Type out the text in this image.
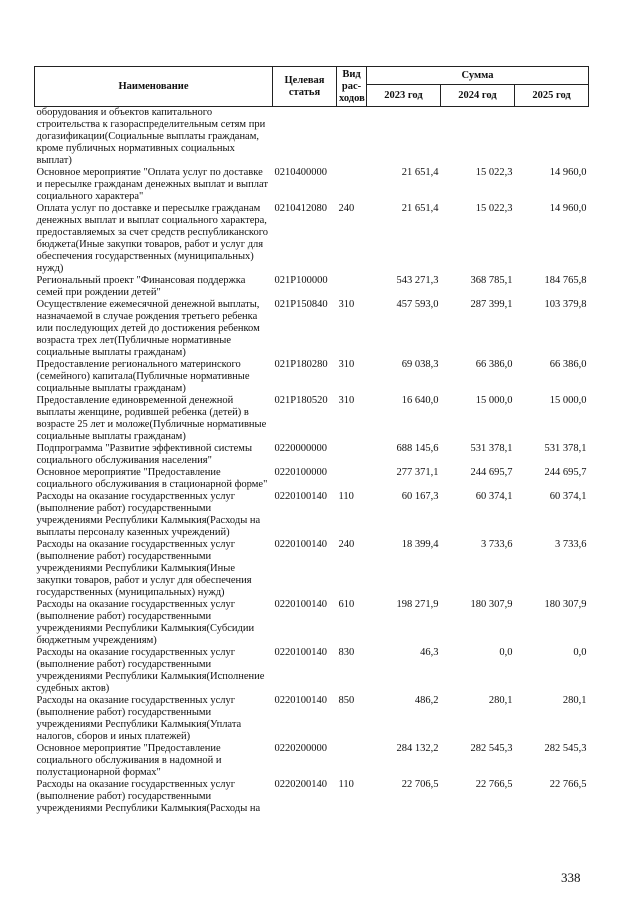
Наименование	Целевая статья	Вид рас-ходов	Сумма		
			2023 год	2024 год	2025 год
оборудования и объектов капитального строительства к газораспределительным сетям при догазификации(Социальные выплаты гражданам, кроме публичных нормативных социальных выплат)					
Основное мероприятие "Оплата услуг по доставке и пересылке гражданам денежных выплат и выплат социального характера"	0210400000		21 651,4	15 022,3	14 960,0
Оплата услуг по доставке и пересылке гражданам денежных выплат и выплат социального характера, предоставляемых за счет средств республиканского бюджета(Иные закупки товаров, работ и услуг для обеспечения государственных (муниципальных) нужд)	0210412080	240	21 651,4	15 022,3	14 960,0
Региональный проект "Финансовая поддержка семей при рождении детей"	021P100000		543 271,3	368 785,1	184 765,8
Осуществление ежемесячной денежной выплаты, назначаемой в случае рождения третьего ребенка или последующих детей до достижения ребенком возраста трех лет(Публичные нормативные социальные выплаты гражданам)	021P150840	310	457 593,0	287 399,1	103 379,8
Предоставление регионального материнского (семейного) капитала(Публичные нормативные социальные выплаты гражданам)	021P180280	310	69 038,3	66 386,0	66 386,0
Предоставление единовременной денежной выплаты женщине, родившей ребенка (детей) в возрасте 25 лет и моложе(Публичные нормативные социальные выплаты гражданам)	021P180520	310	16 640,0	15 000,0	15 000,0
Подпрограмма "Развитие эффективной системы социального обслуживания населения"	0220000000		688 145,6	531 378,1	531 378,1
Основное мероприятие "Предоставление социального обслуживания в стационарной форме"	0220100000		277 371,1	244 695,7	244 695,7
Расходы на оказание государственных услуг (выполнение работ) государственными учреждениями Республики Калмыкия(Расходы на выплаты персоналу казенных учреждений)	0220100140	110	60 167,3	60 374,1	60 374,1
Расходы на оказание государственных услуг (выполнение работ) государственными учреждениями Республики Калмыкия(Иные закупки товаров, работ и услуг для обеспечения государственных (муниципальных) нужд)	0220100140	240	18 399,4	3 733,6	3 733,6
Расходы на оказание государственных услуг (выполнение работ) государственными учреждениями Республики Калмыкия(Субсидии бюджетным учреждениям)	0220100140	610	198 271,9	180 307,9	180 307,9
Расходы на оказание государственных услуг (выполнение работ) государственными учреждениями Республики Калмыкия(Исполнение судебных актов)	0220100140	830	46,3	0,0	0,0
Расходы на оказание государственных услуг (выполнение работ) государственными учреждениями Республики Калмыкия(Уплата налогов, сборов и иных платежей)	0220100140	850	486,2	280,1	280,1
Основное мероприятие "Предоставление социального обслуживания в надомной и полустационарной формах"	0220200000		284 132,2	282 545,3	282 545,3
Расходы на оказание государственных услуг (выполнение работ) государственными учреждениями Республики Калмыкия(Расходы на	0220200140	110	22 706,5	22 766,5	22 766,5
338
